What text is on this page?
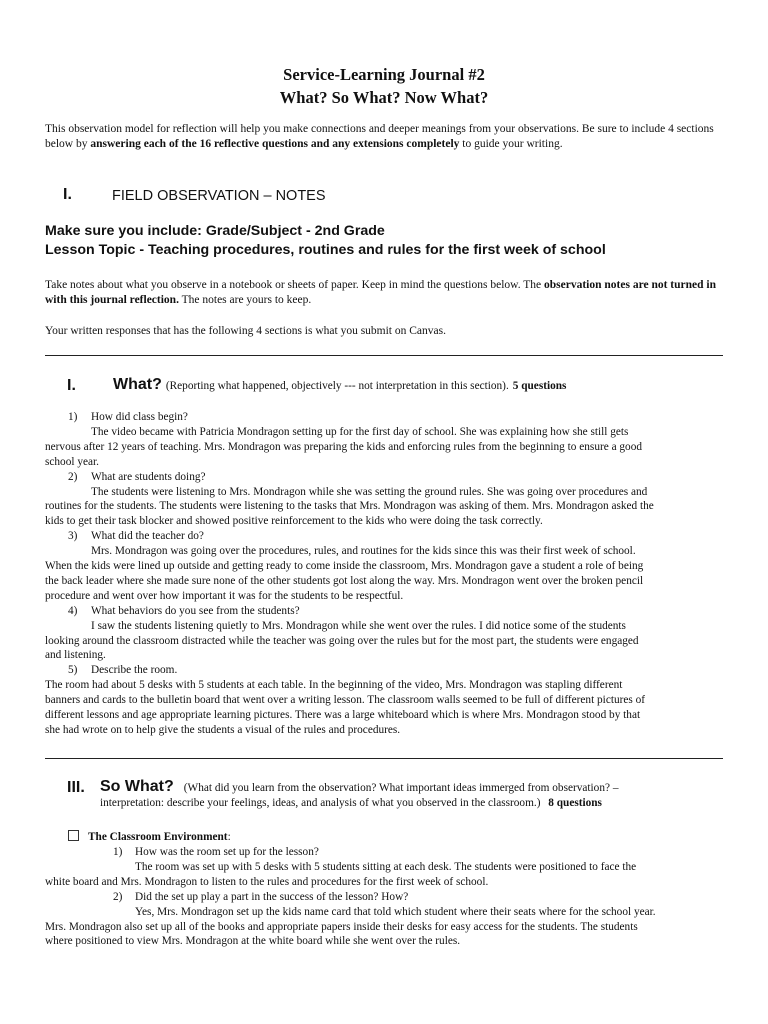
Service-Learning Journal #2
What? So What? Now What?
This observation model for reflection will help you make connections and deeper meanings from your observations. Be sure to include 4 sections below by answering each of the 16 reflective questions and any extensions completely to guide your writing.
I.	FIELD OBSERVATION – NOTES
Make sure you include: Grade/Subject - 2nd Grade
Lesson Topic - Teaching procedures, routines and rules for the first week of school
Take notes about what you observe in a notebook or sheets of paper. Keep in mind the questions below. The observation notes are not turned in with this journal reflection. The notes are yours to keep.
Your written responses that has the following 4 sections is what you submit on Canvas.
I. What? (Reporting what happened, objectively --- not interpretation in this section). 5 questions
1) How did class begin?
The video became with Patricia Mondragon setting up for the first day of school. She was explaining how she still gets
nervous after 12 years of teaching. Mrs. Mondragon was preparing the kids and enforcing rules from the beginning to ensure a good
school year.
2) What are students doing?
The students were listening to Mrs. Mondragon while she was setting the ground rules. She was going over procedures and
routines for the students. The students were listening to the tasks that Mrs. Mondragon was asking of them. Mrs. Mondragon asked the
kids to get their task blocker and showed positive reinforcement to the kids who were doing the task correctly.
3) What did the teacher do?
Mrs. Mondragon was going over the procedures, rules, and routines for the kids since this was their first week of school.
When the kids were lined up outside and getting ready to come inside the classroom, Mrs. Mondragon gave a student a role of being
the back leader where she made sure none of the other students got lost along the way. Mrs. Mondragon went over the broken pencil
procedure and went over how important it was for the students to be respectful.
4) What behaviors do you see from the students?
I saw the students listening quietly to Mrs. Mondragon while she went over the rules. I did notice some of the students
looking around the classroom distracted while the teacher was going over the rules but for the most part, the students were engaged
and listening.
5) Describe the room.
The room had about 5 desks with 5 students at each table. In the beginning of the video, Mrs. Mondragon was stapling different
banners and cards to the bulletin board that went over a writing lesson. The classroom walls seemed to be full of different pictures of
different lessons and age appropriate learning pictures. There was a large whiteboard which is where Mrs. Mondragon stood by that
she had wrote on to help give the students a visual of the rules and procedures.
III. So What? (What did you learn from the observation? What important ideas immerged from observation? –
interpretation: describe your feelings, ideas, and analysis of what you observed in the classroom.) 8 questions
The Classroom Environment:
1) How was the room set up for the lesson?
The room was set up with 5 desks with 5 students sitting at each desk. The students were positioned to face the
white board and Mrs. Mondragon to listen to the rules and procedures for the first week of school.
2) Did the set up play a part in the success of the lesson? How?
Yes, Mrs. Mondragon set up the kids name card that told which student where their seats where for the school year.
Mrs. Mondragon also set up all of the books and appropriate papers inside their desks for easy access for the students. The students
where positioned to view Mrs. Mondragon at the white board while she went over the rules.
